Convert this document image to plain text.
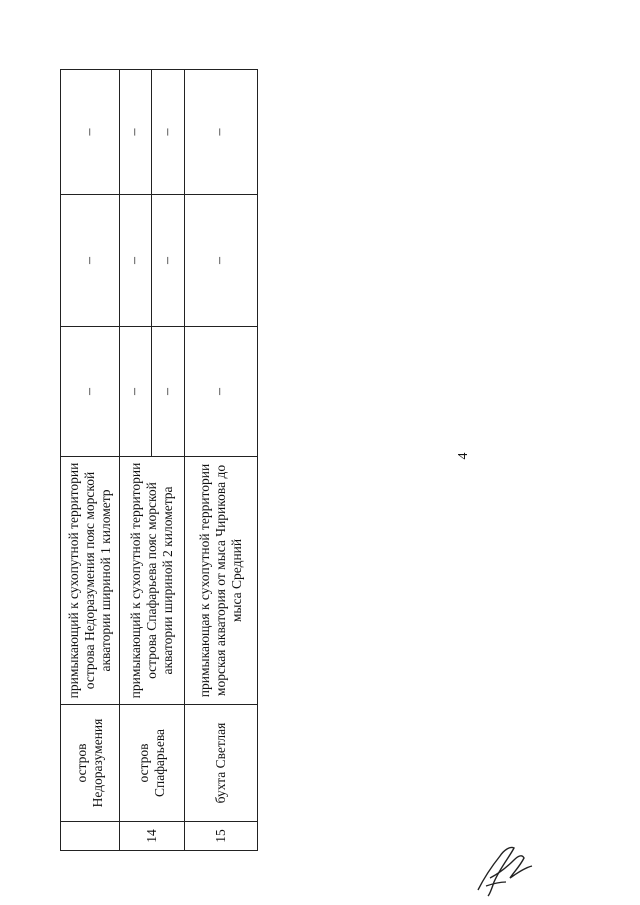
4
	остров Недоразумения	примыкающий к сухопутной территории острова Недоразумения пояс морской акватории шириной 1 километр	–	–	–
14	остров Спафарьева	примыкающий к сухопутной территории острова Спафарьева пояс морской акватории шириной 2 километра	–	–	–
			–	–	–
15	бухта Светлая	примыкающая к сухопутной территории морская акватория от мыса Чирикова до мыса Средний	–	–	–
